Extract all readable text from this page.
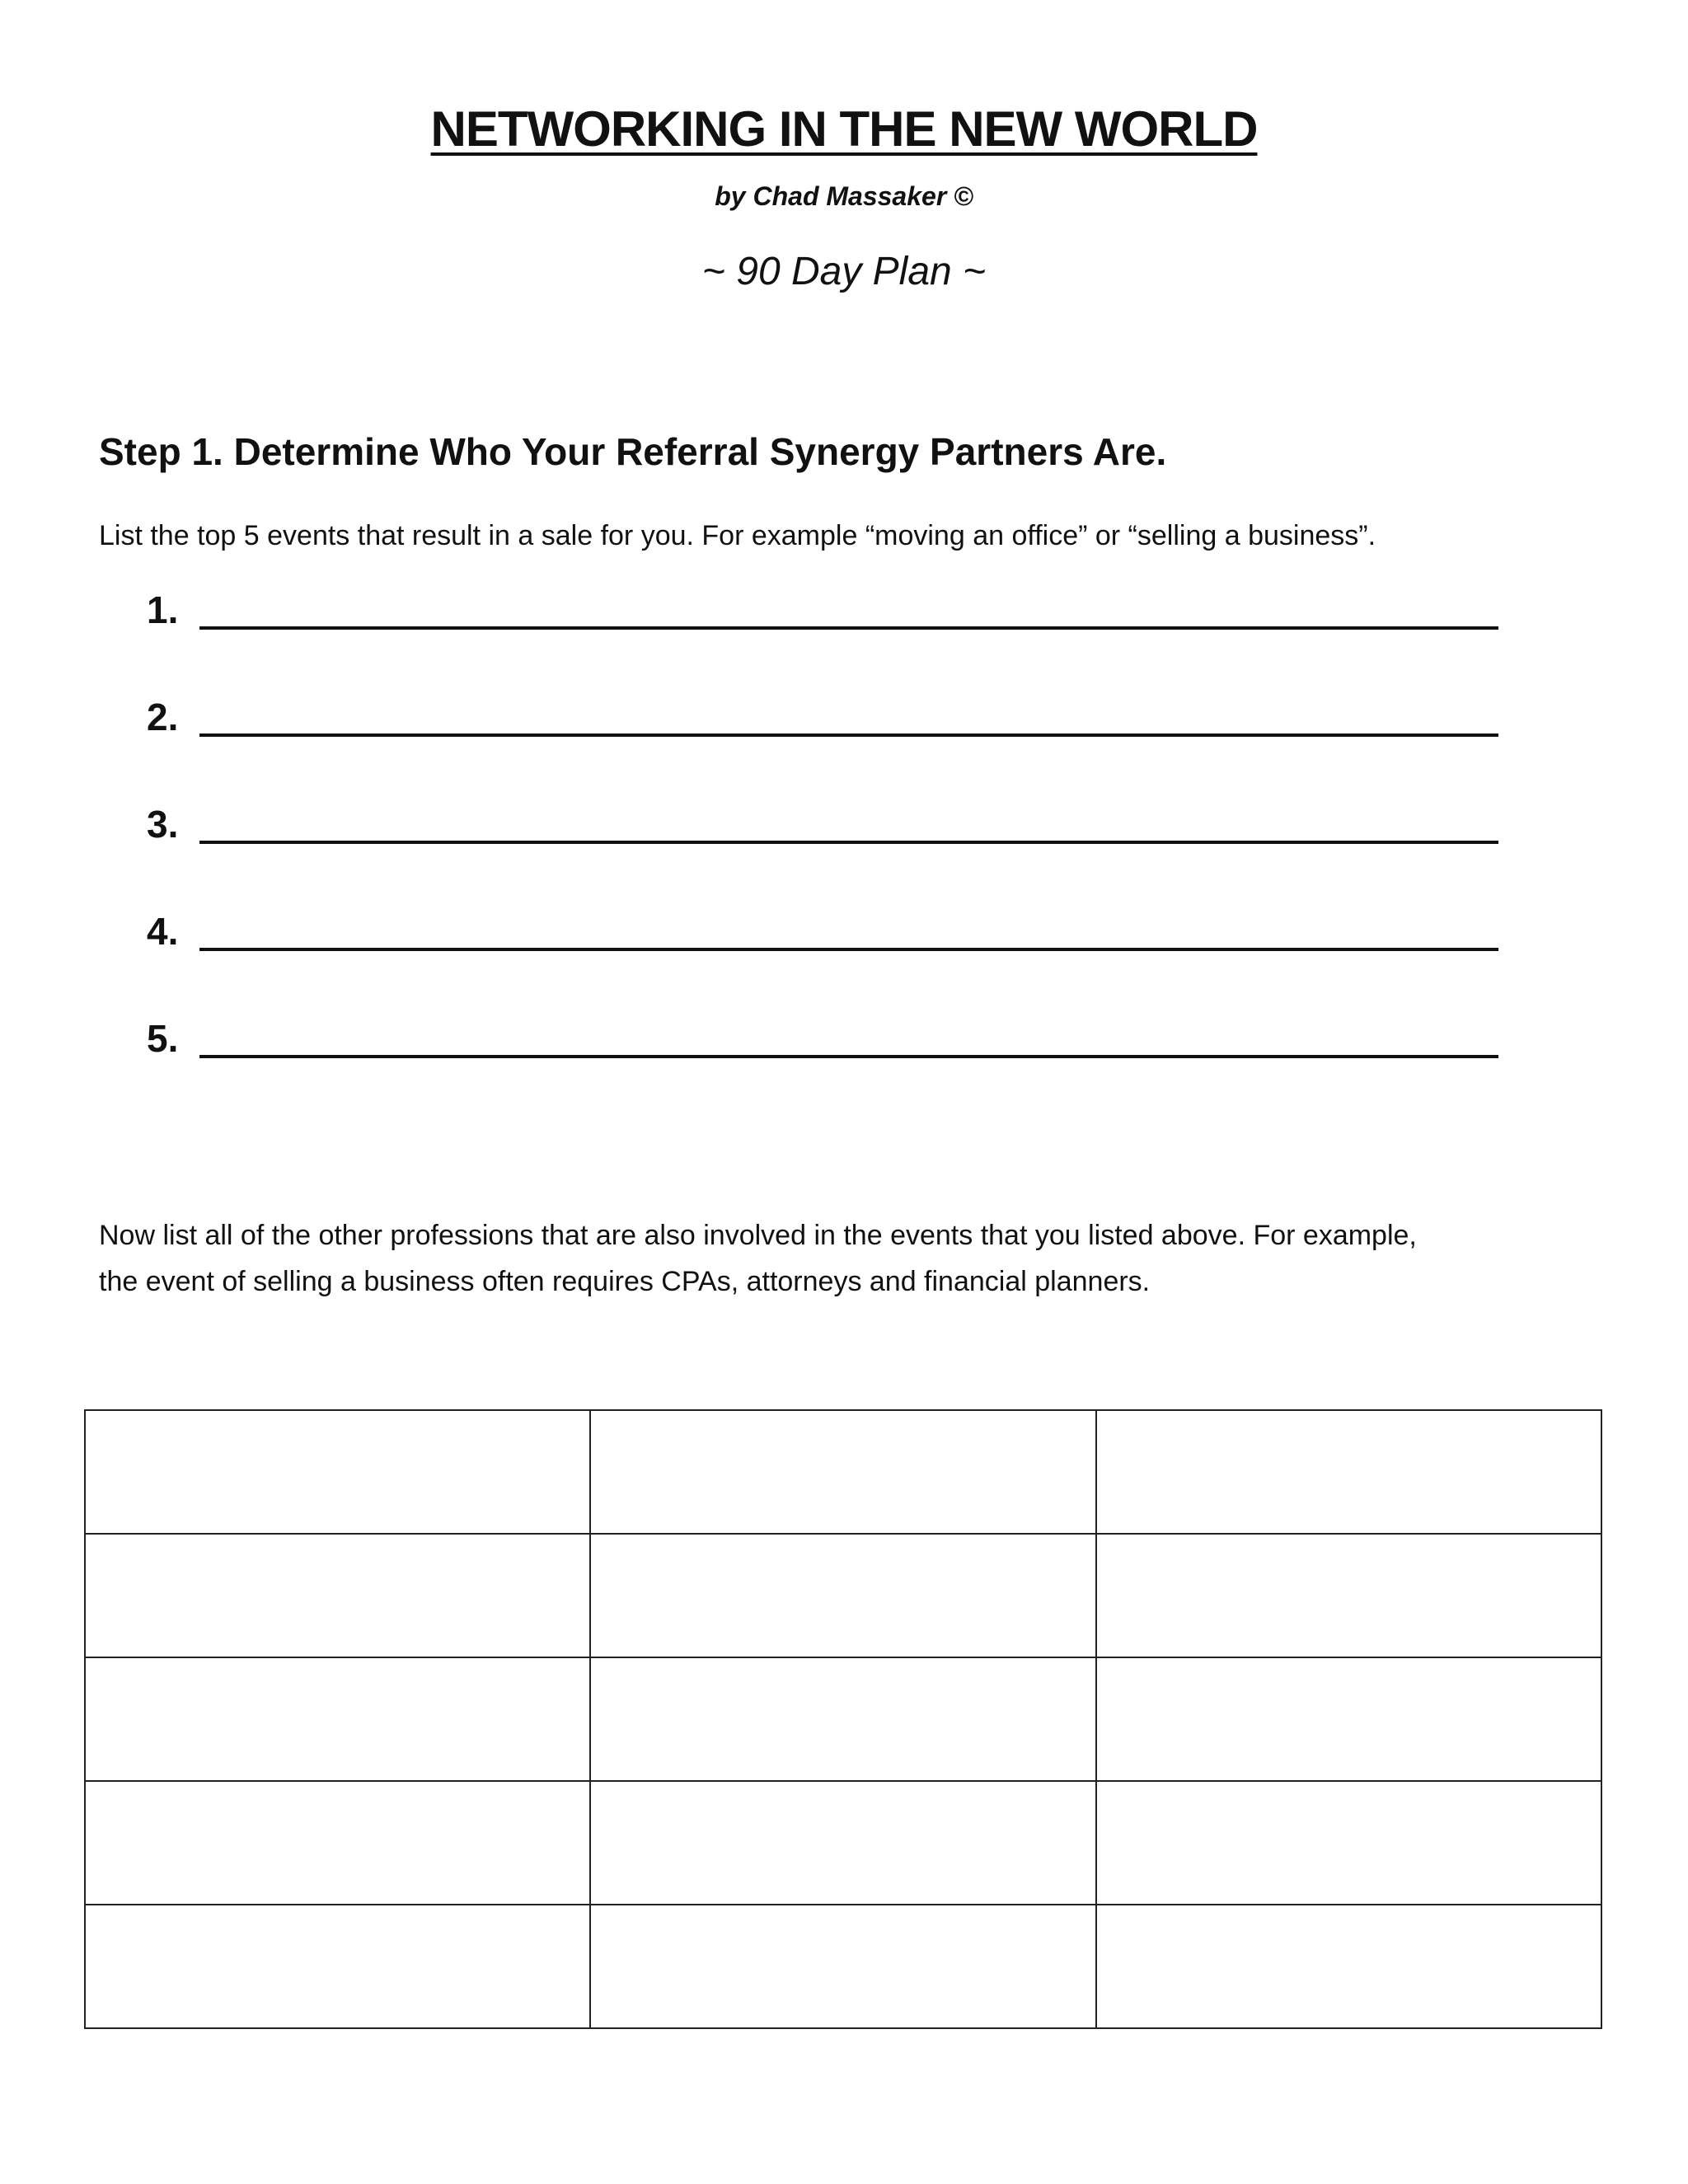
NETWORKING IN THE NEW WORLD
by Chad Massaker ©
~ 90 Day Plan ~
Step 1. Determine Who Your Referral Synergy Partners Are.
List the top 5 events that result in a sale for you. For example “moving an office” or “selling a business”.
1.
2.
3.
4.
5.
Now list all of the other professions that are also involved in the events that you listed above. For example,
the event of selling a business often requires CPAs, attorneys and financial planners.
